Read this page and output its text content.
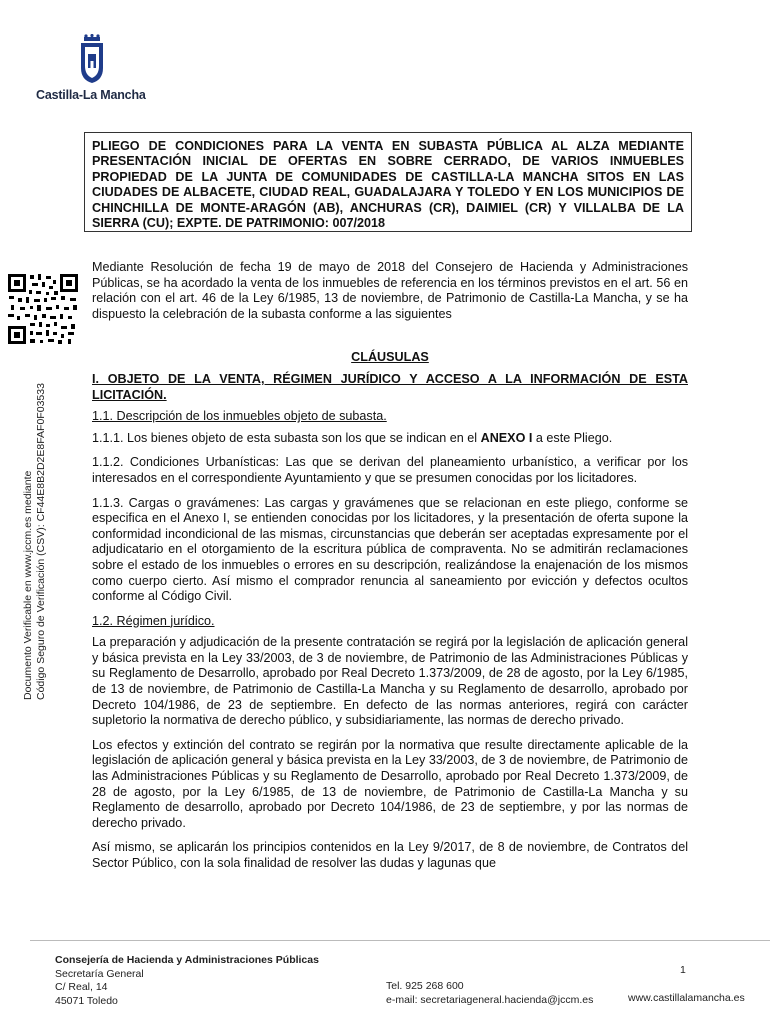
Castilla-La Mancha
PLIEGO DE CONDICIONES PARA LA VENTA EN SUBASTA PÚBLICA AL ALZA MEDIANTE PRESENTACIÓN INICIAL DE OFERTAS EN SOBRE CERRADO, DE VARIOS INMUEBLES PROPIEDAD DE LA JUNTA DE COMUNIDADES DE CASTILLA-LA MANCHA SITOS EN LAS CIUDADES DE ALBACETE, CIUDAD REAL, GUADALAJARA Y TOLEDO Y EN LOS MUNICIPIOS DE CHINCHILLA DE MONTE-ARAGÓN (AB), ANCHURAS (CR), DAIMIEL (CR) Y VILLALBA DE LA SIERRA (CU); EXPTE. DE PATRIMONIO: 007/2018
Documento Verificable en www.jccm.es mediante Código Seguro de Verificación (CSV): CF44E8B2D2E8FAF0F03533

Mediante Resolución de fecha 19 de mayo de 2018 del Consejero de Hacienda y Administraciones Públicas, se ha acordado la venta de los inmuebles de referencia en los términos previstos en el art. 56 en relación con el art. 46 de la Ley 6/1985, 13 de noviembre, de Patrimonio de Castilla-La Mancha, y se ha dispuesto la celebración de la subasta conforme a las siguientes

CLÁUSULAS

I. OBJETO DE LA VENTA, RÉGIMEN JURÍDICO Y ACCESO A LA INFORMACIÓN DE ESTA LICITACIÓN.

1.1. Descripción de los inmuebles objeto de subasta.

1.1.1. Los bienes objeto de esta subasta son los que se indican en el ANEXO I a este Pliego.

1.1.2. Condiciones Urbanísticas: Las que se derivan del planeamiento urbanístico, a verificar por los interesados en el correspondiente Ayuntamiento y que se presumen conocidas por los licitadores.

1.1.3. Cargas o gravámenes: Las cargas y gravámenes que se relacionan en este pliego, conforme se especifica en el Anexo I, se entienden conocidas por los licitadores, y la presentación de oferta supone la conformidad incondicional de las mismas, circunstancias que deberán ser aceptadas expresamente por el adjudicatario en el otorgamiento de la escritura pública de compraventa. No se admitirán reclamaciones sobre el estado de los inmuebles o errores en su descripción, realizándose la enajenación de los mismos como cuerpo cierto. Así mismo el comprador renuncia al saneamiento por evicción y defectos ocultos conforme al Código Civil.

1.2. Régimen jurídico.

La preparación y adjudicación de la presente contratación se regirá por la legislación de aplicación general y básica prevista en la Ley 33/2003, de 3 de noviembre, de Patrimonio de las Administraciones Públicas y su Reglamento de Desarrollo, aprobado por Real Decreto 1.373/2009, de 28 de agosto, por la Ley 6/1985, de 13 de noviembre, de Patrimonio de Castilla-La Mancha y su Reglamento de desarrollo, aprobado por Decreto 104/1986, de 23 de septiembre. En defecto de las normas anteriores, regirá con carácter supletorio la normativa de derecho público, y subsidiariamente, las normas de derecho privado.

Los efectos y extinción del contrato se regirán por la normativa que resulte directamente aplicable de la legislación de aplicación general y básica prevista en la Ley 33/2003, de 3 de noviembre, de Patrimonio de las Administraciones Públicas y su Reglamento de Desarrollo, aprobado por Real Decreto 1.373/2009, de 28 de agosto, por la Ley 6/1985, de 13 de noviembre, de Patrimonio de Castilla-La Mancha y su Reglamento de desarrollo, aprobado por Decreto 104/1986, de 23 de septiembre, y por las normas de derecho privado.

Así mismo, se aplicarán los principios contenidos en la Ley 9/2017, de 8 de noviembre, de Contratos del Sector Público, con la sola finalidad de resolver las dudas y lagunas que

Consejería de Hacienda y Administraciones Públicas
Secretaría General
C/ Real, 14
45071 Toledo
1
Tel. 925 268 600
e-mail: secretariageneral.hacienda@jccm.es	www.castillalamancha.es
